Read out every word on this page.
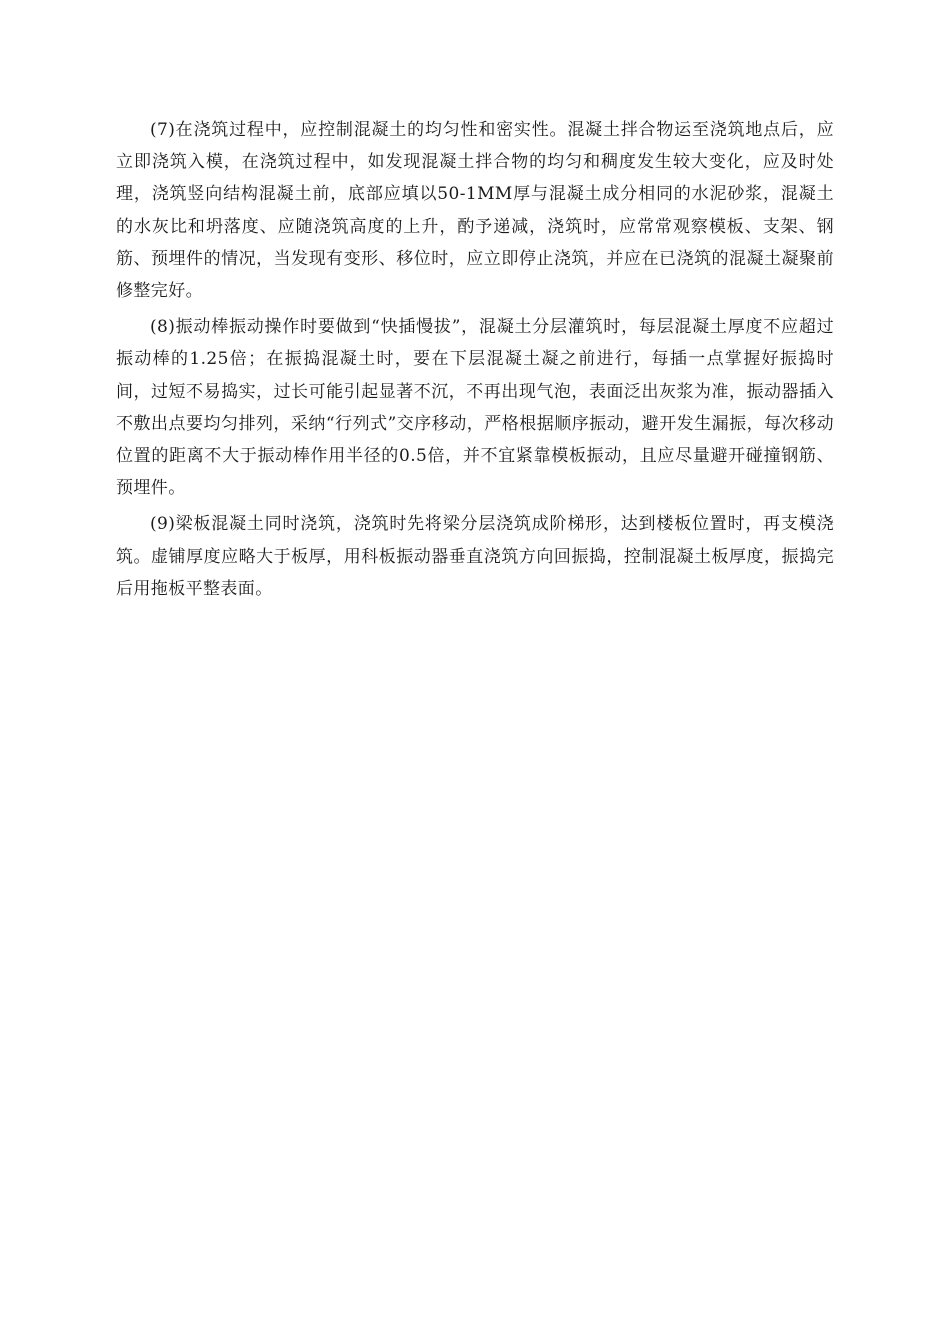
(7)在浇筑过程中，应控制混凝土的均匀性和密实性。混凝土拌合物运至浇筑地点后，应立即浇筑入模，在浇筑过程中，如发现混凝土拌合物的均匀和稠度发生较大变化，应及时处理，浇筑竖向结构混凝土前，底部应填以50-1MM厚与混凝土成分相同的水泥砂浆，混凝土的水灰比和坍落度、应随浇筑高度的上升，酌予递减，浇筑时，应常常观察模板、支架、钢筋、预埋件的情况，当发现有变形、移位时，应立即停止浇筑，并应在已浇筑的混凝土凝聚前修整完好。

(8)振动棒振动操作时要做到“快插慢拔”，混凝土分层灌筑时，每层混凝土厚度不应超过振动棒的1.25倍；在振捣混凝土时，要在下层混凝土凝之前进行，每插一点掌握好振捣时间，过短不易捣实，过长可能引起显著不沉，不再出现气泡，表面泛出灰浆为准，振动器插入不敷出点要均匀排列，采纳“行列式”交序移动，严格根据顺序振动，避开发生漏振，每次移动位置的距离不大于振动棒作用半径的0.5倍，并不宜紧靠模板振动，且应尽量避开碰撞钢筋、预埋件。

(9)梁板混凝土同时浇筑，浇筑时先将梁分层浇筑成阶梯形，达到楼板位置时，再支模浇筑。虚铺厚度应略大于板厚，用科板振动器垂直浇筑方向回振捣，控制混凝土板厚度，振捣完后用拖板平整表面。
